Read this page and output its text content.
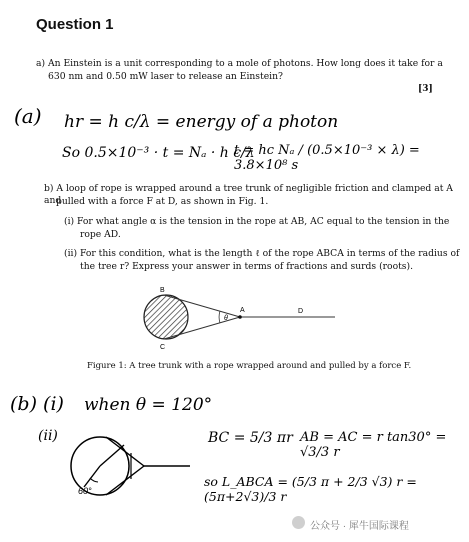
Question 1
a) An Einstein is a unit corresponding to a mole of photons. How long does it take for a
630 nm and 0.50 mW laser to release an Einstein?
[3]
(a) hr = h c/λ = energy of a photon
So 0.5×10⁻³ · t = Nₐ · h c/λ
t = hc Nₐ / (0.5×10⁻³ × λ) = 3.8×10⁸ s
b) A loop of rope is wrapped around a tree trunk of negligible friction and clamped at A and
pulled with a force F at D, as shown in Fig. 1.
(i) For what angle α is the tension in the rope at AB, AC equal to the tension in the
rope AD.
(ii) For this condition, what is the length ℓ of the rope ABCA in terms of the radius of
the tree r? Express your answer in terms of fractions and surds (roots).
B
A
C
D
θ
Figure 1: A tree trunk with a rope wrapped around and pulled by a force F.
(b) (i) when θ = 120°
(ii)
60°
BC = 5/3 πr AB = AC = r tan30° = √3/3 r
so L_ABCA = (5/3 π + 2/3 √3) r = (5π+2√3)/3 r
公众号 · 犀牛国际课程
